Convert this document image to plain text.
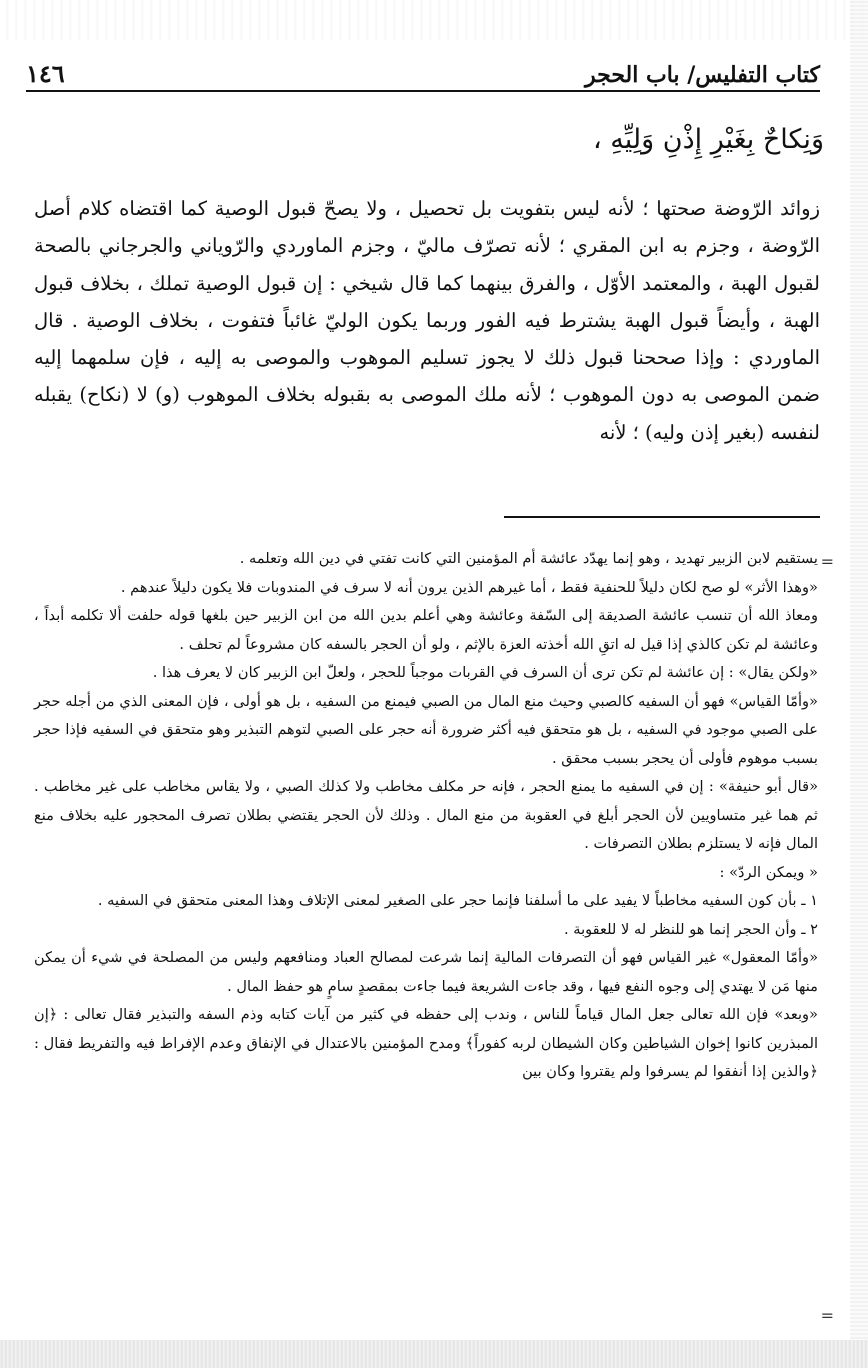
١٤٦	كتاب التفليس/ باب الحجر
وَنِكاحٌ بِغَيْرِ إِذْنِ وَلِيِّهِ ،

زوائد الرّوضة صحتها ؛ لأنه ليس بتفويت بل تحصيل ، ولا يصحّ قبول الوصية كما اقتضاه كلام أصل الرّوضة ، وجزم به ابن المقري ؛ لأنه تصرّف ماليّ ، وجزم الماوردي والرّوياني والجرجاني بالصحة لقبول الهبة ، والمعتمد الأوّل ، والفرق بينهما كما قال شيخي : إن قبول الوصية تملك ، بخلاف قبول الهبة ، وأيضاً قبول الهبة يشترط فيه الفور وربما يكون الوليّ غائباً فتفوت ، بخلاف الوصية . قال الماوردي : وإذا صححنا قبول ذلك لا يجوز تسليم الموهوب والموصى به إليه ، فإن سلمهما إليه ضمن الموصى به دون الموهوب ؛ لأنه ملك الموصى به بقبوله بخلاف الموهوب (و) لا (نكاح) يقبله لنفسه (بغير إذن وليه) ؛ لأنه

=

يستقيم لابن الزبير تهديد ، وهو إنما يهدّد عائشة أم المؤمنين التي كانت تفتي في دين الله وتعلمه .

«وهذا الأثر» لو صح لكان دليلاً للحنفية فقط ، أما غيرهم الذين يرون أنه لا سرف في المندوبات فلا يكون دليلاً عندهم .

ومعاذ الله أن تنسب عائشة الصديقة إلى السّفة وعائشة وهي أعلم بدين الله من ابن الزبير حين بلغها قوله حلفت ألا تكلمه أبداً ، وعائشة لم تكن كالذي إذا قيل له اتقِ الله أخذته العزة بالإثم ، ولو أن الحجر بالسفه كان مشروعاً لم تحلف .

«ولكن يقال» : إن عائشة لم تكن ترى أن السرف في القربات موجباً للحجر ، ولعلّ ابن الزبير كان لا يعرف هذا .

«وأمّا القياس» فهو أن السفيه كالصبي وحيث منع المال من الصبي فيمنع من السفيه ، بل هو أولى ، فإن المعنى الذي من أجله حجر على الصبي موجود في السفيه ، بل هو متحقق فيه أكثر ضرورة أنه حجر على الصبي لتوهم التبذير وهو متحقق في السفيه فإذا حجر بسبب موهوم فأولى أن يحجر بسبب محقق .

«قال أبو حنيفة» : إن في السفيه ما يمنع الحجر ، فإنه حر مكلف مخاطب ولا كذلك الصبي ، ولا يقاس مخاطب على غير مخاطب . ثم هما غير متساويين لأن الحجر أبلغ في العقوبة من منع المال . وذلك لأن الحجر يقتضي بطلان تصرف المحجور عليه بخلاف منع المال فإنه لا يستلزم بطلان التصرفات .

« ويمكن الردّ» :

١ ـ بأن كون السفيه مخاطباً لا يفيد على ما أسلفنا فإنما حجر على الصغير لمعنى الإتلاف وهذا المعنى متحقق في السفيه .

٢ ـ وأن الحجر إنما هو للنظر له لا للعقوبة .

«وأمّا المعقول» غير القياس فهو أن التصرفات المالية إنما شرعت لمصالح العباد ومنافعهم وليس من المصلحة في شيء أن يمكن منها مَن لا يهتدي إلى وجوه النفع فيها ، وقد جاءت الشريعة فيما جاءت بمقصدٍ سامٍ هو حفظ المال .

«وبعد» فإن الله تعالى جعل المال قياماً للناس ، وندب إلى حفظه في كثير من آيات كتابه وذم السفه والتبذير فقال تعالى : ﴿إن المبذرين كانوا إخوان الشياطين وكان الشيطان لربه كفوراً﴾ ومدح المؤمنين بالاعتدال في الإنفاق وعدم الإفراط فيه والتفريط فقال : ﴿والذين إذا أنفقوا لم يسرفوا ولم يقتروا وكان بين

=
